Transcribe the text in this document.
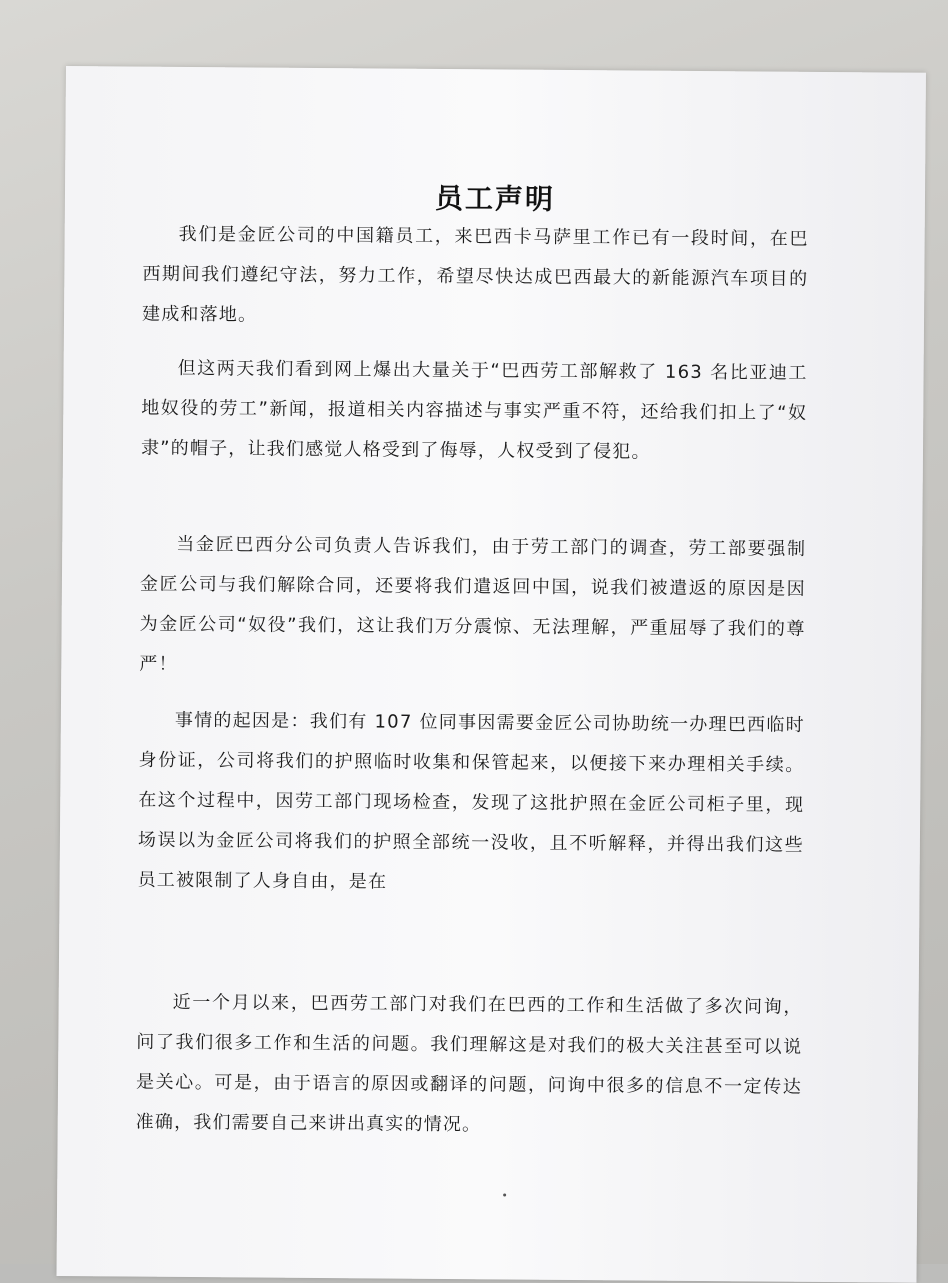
员工声明

我们是金匠公司的中国籍员工，来巴西卡马萨里工作已有一段时间，在巴西期间我们遵纪守法，努力工作，希望尽快达成巴西最大的新能源汽车项目的建成和落地。

但这两天我们看到网上爆出大量关于“巴西劳工部解救了 163 名比亚迪工地奴役的劳工”新闻，报道相关内容描述与事实严重不符，还给我们扣上了“奴隶”的帽子，让我们感觉人格受到了侮辱，人权受到了侵犯。

当金匠巴西分公司负责人告诉我们，由于劳工部门的调查，劳工部要强制金匠公司与我们解除合同，还要将我们遣返回中国，说我们被遣返的原因是因为金匠公司“奴役”我们，这让我们万分震惊、无法理解，严重屈辱了我们的尊严！

事情的起因是：我们有 107 位同事因需要金匠公司协助统一办理巴西临时身份证，公司将我们的护照临时收集和保管起来，以便接下来办理相关手续。在这个过程中，因劳工部门现场检查，发现了这批护照在金匠公司柜子里，现场误以为金匠公司将我们的护照全部统一没收，且不听解释，并得出我们这些员工被限制了人身自由，是在

近一个月以来，巴西劳工部门对我们在巴西的工作和生活做了多次问询，问了我们很多工作和生活的问题。我们理解这是对我们的极大关注甚至可以说是关心。可是，由于语言的原因或翻译的问题，问询中很多的信息不一定传达准确，我们需要自己来讲出真实的情况。
